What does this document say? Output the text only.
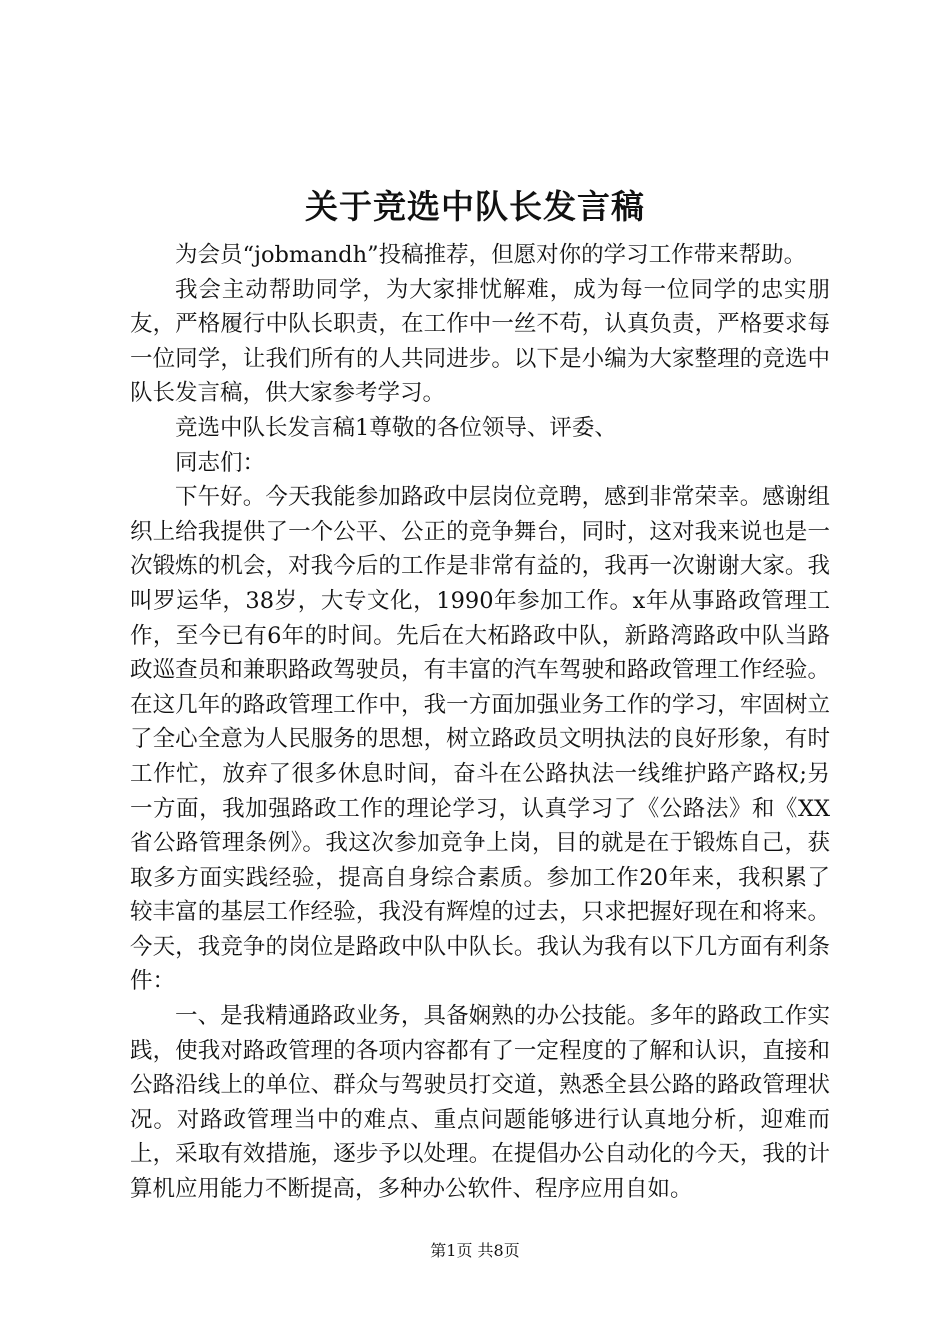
关于竞选中队长发言稿

为会员“jobmandh”投稿推荐，但愿对你的学习工作带来帮助。

我会主动帮助同学，为大家排忧解难，成为每一位同学的忠实朋友，严格履行中队长职责，在工作中一丝不苟，认真负责，严格要求每一位同学，让我们所有的人共同进步。以下是小编为大家整理的竞选中队长发言稿，供大家参考学习。

竞选中队长发言稿1尊敬的各位领导、评委、

同志们：

下午好。今天我能参加路政中层岗位竞聘，感到非常荣幸。感谢组织上给我提供了一个公平、公正的竞争舞台，同时，这对我来说也是一次锻炼的机会，对我今后的工作是非常有益的，我再一次谢谢大家。我叫罗运华，38岁，大专文化，1990年参加工作。x年从事路政管理工作，至今已有6年的时间。先后在大柘路政中队，新路湾路政中队当路政巡查员和兼职路政驾驶员，有丰富的汽车驾驶和路政管理工作经验。在这几年的路政管理工作中，我一方面加强业务工作的学习，牢固树立了全心全意为人民服务的思想，树立路政员文明执法的良好形象，有时工作忙，放弃了很多休息时间，奋斗在公路执法一线维护路产路权;另一方面，我加强路政工作的理论学习，认真学习了《公路法》和《XX省公路管理条例》。我这次参加竞争上岗，目的就是在于锻炼自己，获取多方面实践经验，提高自身综合素质。参加工作20年来，我积累了较丰富的基层工作经验，我没有辉煌的过去，只求把握好现在和将来。今天，我竞争的岗位是路政中队中队长。我认为我有以下几方面有利条件：

一、是我精通路政业务，具备娴熟的办公技能。多年的路政工作实践，使我对路政管理的各项内容都有了一定程度的了解和认识，直接和公路沿线上的单位、群众与驾驶员打交道，熟悉全县公路的路政管理状况。对路政管理当中的难点、重点问题能够进行认真地分析，迎难而上，采取有效措施，逐步予以处理。在提倡办公自动化的今天，我的计算机应用能力不断提高，多种办公软件、程序应用自如。

第1页 共8页
